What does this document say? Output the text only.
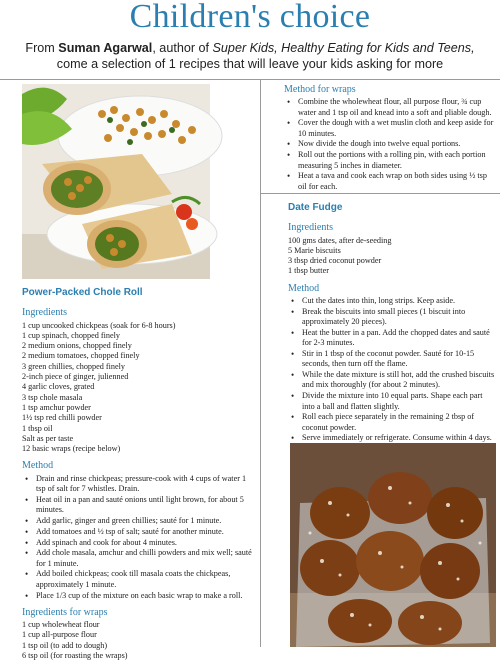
Children's choice
From Suman Agarwal, author of Super Kids, Healthy Eating for Kids and Teens,
come a selection of 1 recipes that will leave your kids asking for more
Power-Packed Chole Roll
Ingredients
1 cup uncooked chickpeas (soak for 6-8 hours)
1 cup spinach, chopped finely
2 medium onions, chopped finely
2 medium tomatoes, chopped finely
3 green chillies, chopped finely
2-inch piece of ginger, julienned
4 garlic cloves, grated
3 tsp chole masala
1 tsp amchur powder
1½ tsp red chilli powder
1 tbsp oil
Salt as per taste
12 basic wraps (recipe below)
Method
• Drain and rinse chickpeas; pressure-cook with 4 cups of water 1 tsp of salt for 7 whistles. Drain.
• Heat oil in a pan and sauté onions until light brown, for about 5 minutes.
• Add garlic, ginger and green chillies; sauté for 1 minute.
• Add tomatoes and ½ tsp of salt; sauté for another minute.
• Add spinach and cook for about 4 minutes.
• Add chole masala, amchur and chilli powders and mix well; sauté for 1 minute.
• Add boiled chickpeas; cook till masala coats the chickpeas, approximately 1 minute.
• Place 1/3 cup of the mixture on each basic wrap to make a roll.
Ingredients for wraps
1 cup wholewheat flour
1 cup all-purpose flour
1 tsp oil (to add to dough)
6 tsp oil (for roasting the wraps)
Method for wraps
• Combine the wholewheat flour, all purpose flour, ¾ cup water and 1 tsp oil and knead into a soft and pliable dough.
• Cover the dough with a wet muslin cloth and keep aside for 10 minutes.
• Now divide the dough into twelve equal portions.
• Roll out the portions with a rolling pin, with each portion measuring 5 inches in diameter.
• Heat a tava and cook each wrap on both sides using ½ tsp oil for each.
Date Fudge
Ingredients
100 gms dates, after de-seeding
5 Marie biscuits
3 tbsp dried coconut powder
1 tbsp butter
Method
• Cut the dates into thin, long strips. Keep aside.
• Break the biscuits into small pieces (1 biscuit into approximately 20 pieces).
• Heat the butter in a pan. Add the chopped dates and sauté for 2-3 minutes.
• Stir in 1 tbsp of the coconut powder. Sauté for 10-15 seconds, then turn off the flame.
• While the date mixture is still hot, add the crushed biscuits and mix thoroughly (for about 2 minutes).
• Divide the mixture into 10 equal parts. Shape each part into a ball and flatten slightly.
• Roll each piece separately in the remaining 2 tbsp of coconut powder.
• Serve immediately or refrigerate. Consume within 4 days.
